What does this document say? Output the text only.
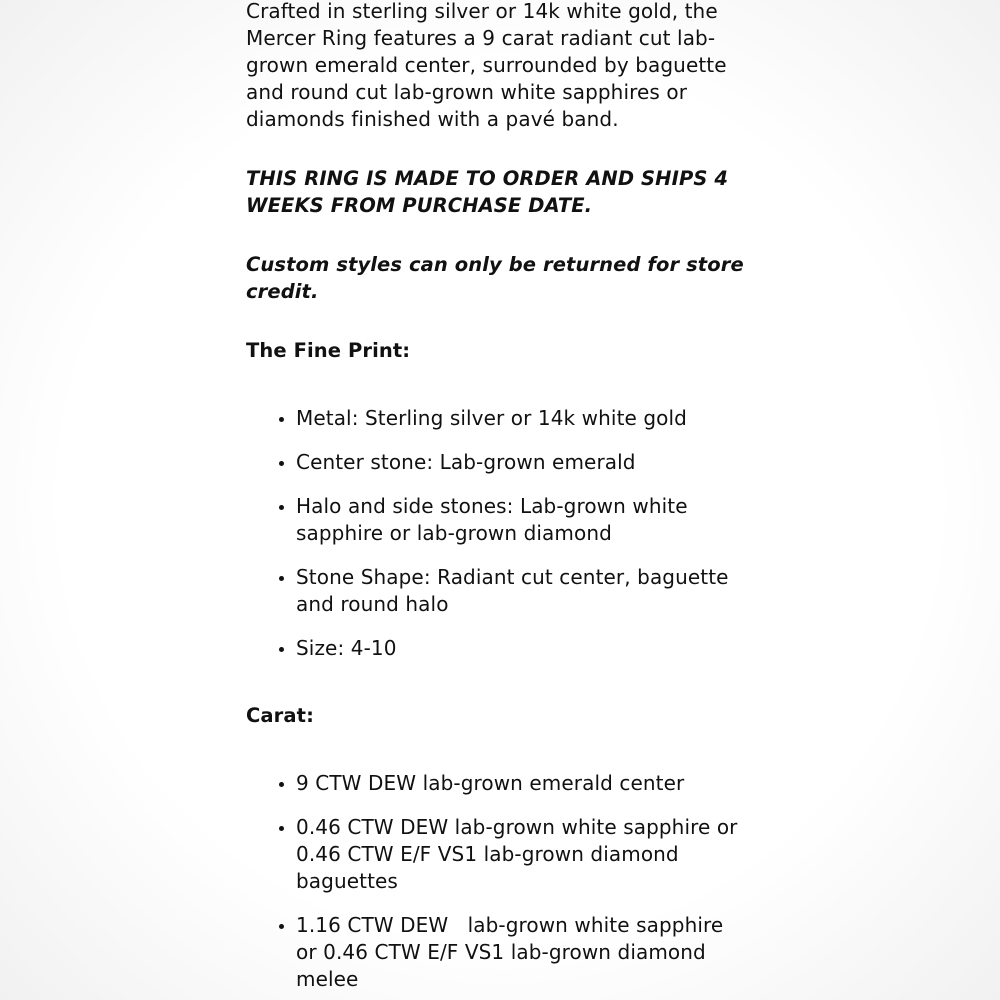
Crafted in sterling silver or 14k white gold, the Mercer Ring features a 9 carat radiant cut lab-grown emerald center, surrounded by baguette and round cut lab-grown white sapphires or diamonds finished with a pavé band.

THIS RING IS MADE TO ORDER AND SHIPS 4 WEEKS FROM PURCHASE DATE.

Custom styles can only be returned for store credit.

The Fine Print:

• Metal: Sterling silver or 14k white gold
• Center stone: Lab-grown emerald
• Halo and side stones: Lab-grown white sapphire or lab-grown diamond
• Stone Shape: Radiant cut center, baguette and round halo
• Size: 4-10

Carat:

• 9 CTW DEW lab-grown emerald center
• 0.46 CTW DEW lab-grown white sapphire or 0.46 CTW E/F VS1 lab-grown diamond baguettes
• 1.16 CTW DEW   lab-grown white sapphire or 0.46 CTW E/F VS1 lab-grown diamond melee
